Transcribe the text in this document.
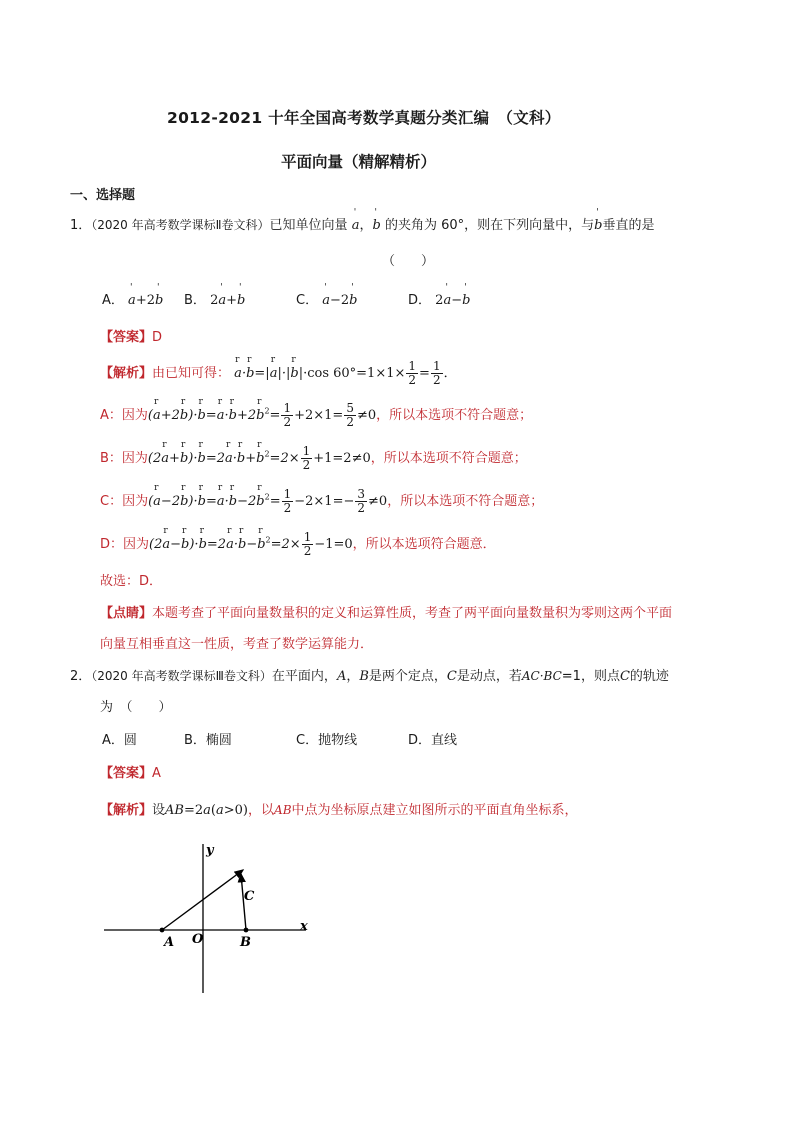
2012-2021 十年全国高考数学真题分类汇编　（文科）
平面向量（精解精析）
一、选择题
1．（2020 年高考数学课标Ⅱ卷文科）已知单位向量 ' a，' b 的夹角为 60°，则在下列向量中，与' b垂直的是
（　　）
A． ' a+2' b B． 2' a+' b	C． ' a−2' b	D． 2' a−' b
【答案】D
【解析】由已知可得： r a·r b=|r a|·|r b|·cos $60^\circ=1\times 1\times \frac{1}{2} = \frac{1}{2}$ ．
A：因为(r a+2r b)·r b=r a·r b+2r $b^2= \frac{1}{2} +2\times 1= \frac{5}{2} \ne 0$，所以本选项不符合题意；
B：因为(2r a+r b)·r b=2r a·r b+r $b^2=2\times \frac{1}{2} +1=2\ne 0$，所以本选项不符合题意；
C：因为(r a−2r b)·r b=r a·r b−2r $b^2= \frac{1}{2} -2\times 1=- \frac{3}{2} \ne 0$，所以本选项不符合题意；
D：因为(2r a−r b)·r b=2r a·r b−r $b^2=2\times \frac{1}{2} -1=0$，所以本选项符合题意．
故选：D．
【点睛】本题考查了平面向量数量积的定义和运算性质，考查了两平面向量数量积为零则这两个平面
向量互相垂直这一性质，考查了数学运算能力．
2．（2020 年高考数学课标Ⅲ卷文科）在平面内，A，B是两个定点，C是动点，若AC·BC=1，则点C的轨迹
为　（　　）
A．圆	B．椭圆	C．抛物线	D．直线
【答案】A
【解析】设AB=2a(a>0)，以AB中点为坐标原点建立如图所示的平面直角坐标系，
y
x
A O	B
C
